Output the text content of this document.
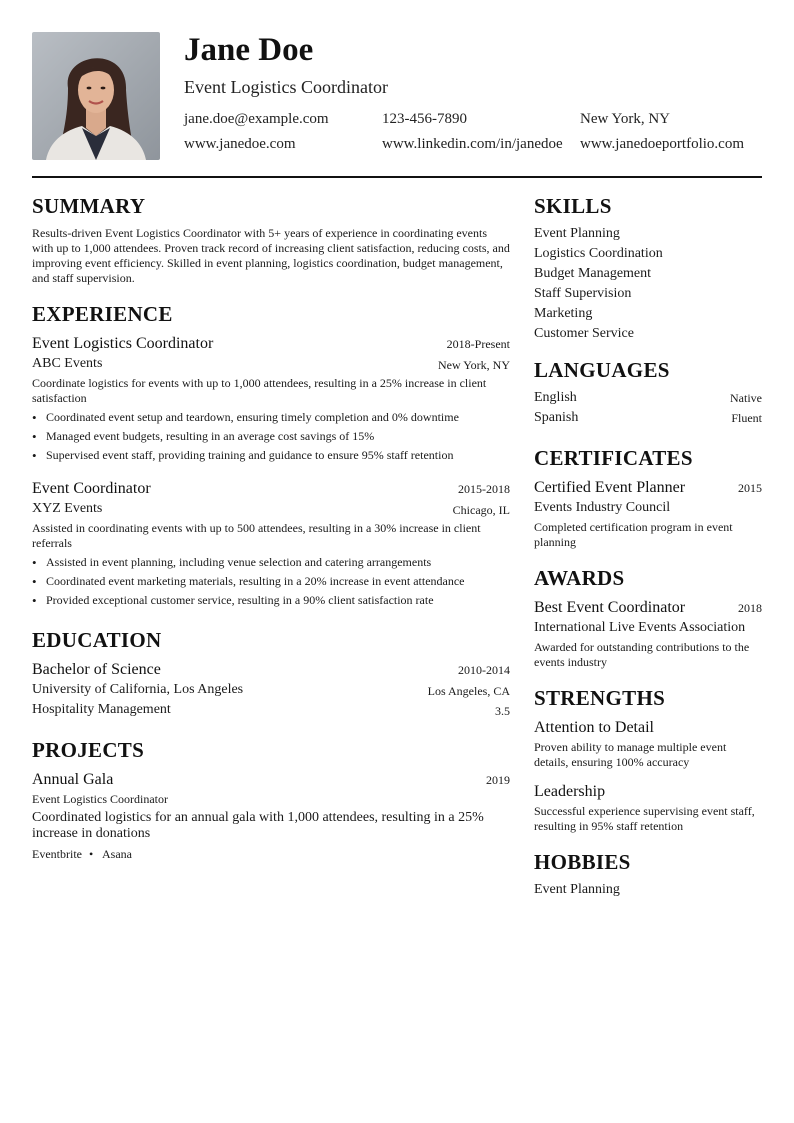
Jane Doe
Event Logistics Coordinator
jane.doe@example.com	123-456-7890	New York, NY
www.janedoe.com	www.linkedin.com/in/janedoe www.janedoeportfolio.com
SUMMARY
Results-driven Event Logistics Coordinator with 5+ years of experience in coordinating events with up to 1,000 attendees. Proven track record of increasing client satisfaction, reducing costs, and improving event efficiency. Skilled in event planning, logistics coordination, budget management, and staff supervision.
EXPERIENCE
Event Logistics Coordinator	2018-Present
ABC Events	New York, NY
Coordinate logistics for events with up to 1,000 attendees, resulting in a 25% increase in client satisfaction
• Coordinated event setup and teardown, ensuring timely completion and 0% downtime
• Managed event budgets, resulting in an average cost savings of 15%
• Supervised event staff, providing training and guidance to ensure 95% staff retention
Event Coordinator	2015-2018
XYZ Events	Chicago, IL
Assisted in coordinating events with up to 500 attendees, resulting in a 30% increase in client referrals
• Assisted in event planning, including venue selection and catering arrangements
• Coordinated event marketing materials, resulting in a 20% increase in event attendance
• Provided exceptional customer service, resulting in a 90% client satisfaction rate
EDUCATION
Bachelor of Science	2010-2014
University of California, Los Angeles	Los Angeles, CA
Hospitality Management	3.5
PROJECTS
Annual Gala	2019
Event Logistics Coordinator
Coordinated logistics for an annual gala with 1,000 attendees, resulting in a 25% increase in donations
Eventbrite • Asana
SKILLS
Event Planning
Logistics Coordination
Budget Management
Staff Supervision
Marketing
Customer Service
LANGUAGES
English	Native
Spanish	Fluent
CERTIFICATES
Certified Event Planner	2015
Events Industry Council
Completed certification program in event planning
AWARDS
Best Event Coordinator	2018
International Live Events Association
Awarded for outstanding contributions to the events industry
STRENGTHS
Attention to Detail
Proven ability to manage multiple event details, ensuring 100% accuracy
Leadership
Successful experience supervising event staff, resulting in 95% staff retention
HOBBIES
Event Planning
